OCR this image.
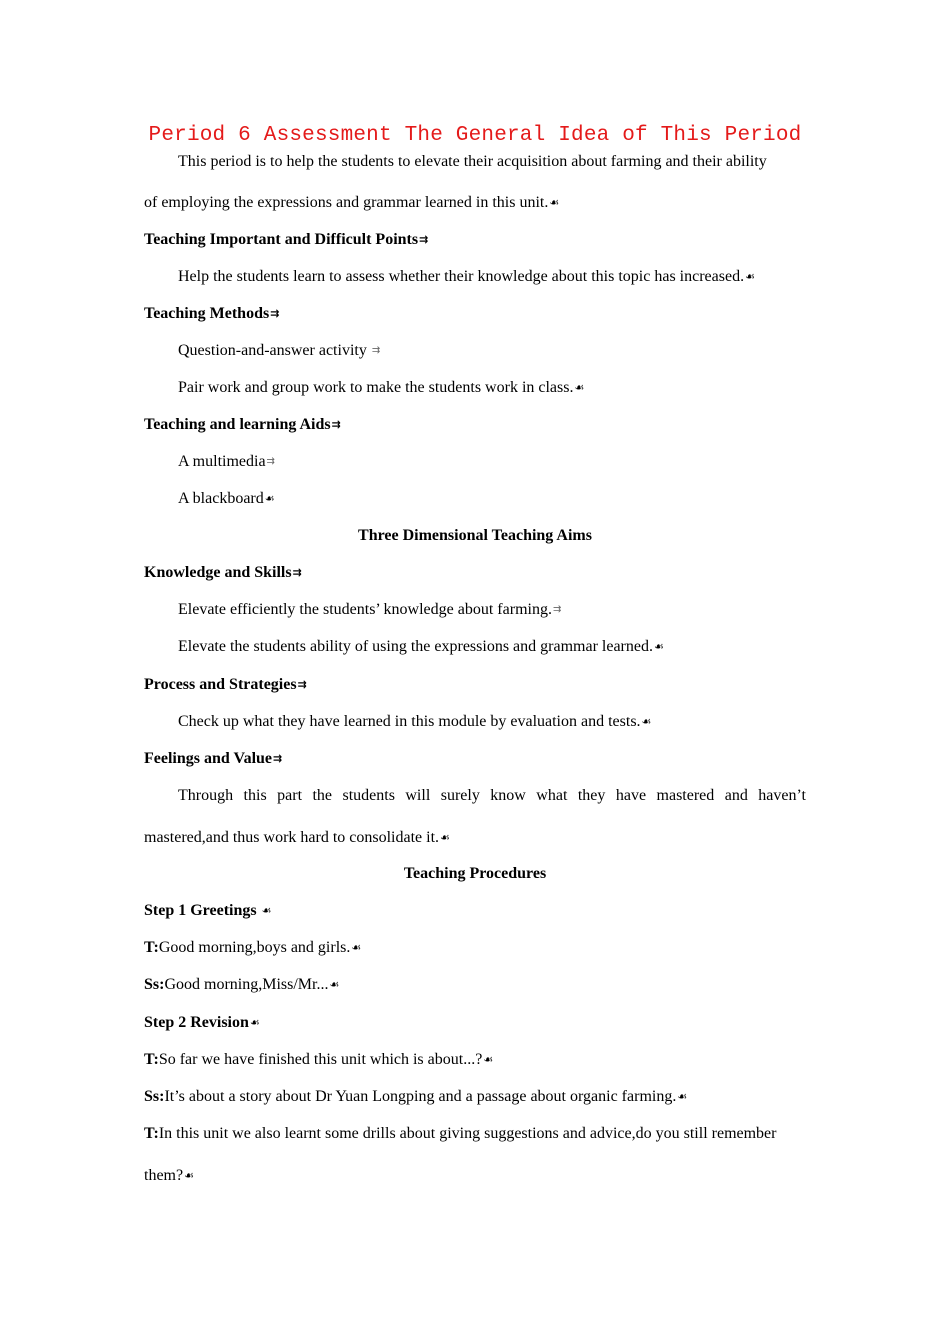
Period 6 Assessment The General Idea of This Period
This period is to help the students to elevate their acquisition about farming and their ability
of employing the expressions and grammar learned in this unit.☙
Teaching Important and Difficult Points⇉
Help the students learn to assess whether their knowledge about this topic has increased.☙
Teaching Methods⇉
Question-and-answer activity ⇉
Pair work and group work to make the students work in class.☙
Teaching and learning Aids⇉
A multimedia⇉
A blackboard☙
Three Dimensional Teaching Aims
Knowledge and Skills⇉
Elevate efficiently the students’ knowledge about farming.⇉
Elevate the students ability of using the expressions and grammar learned.☙
Process and Strategies⇉
Check up what they have learned in this module by evaluation and tests.☙
Feelings and Value⇉
Through this part the students will surely know what they have mastered and haven’t
mastered,and thus work hard to consolidate it.☙
Teaching Procedures
Step 1 Greetings ☙
T:Good morning,boys and girls.☙
Ss:Good morning,Miss/Mr...☙
Step 2 Revision☙
T:So far we have finished this unit which is about...?☙
Ss:It’s about a story about Dr Yuan Longping and a passage about organic farming.☙
T:In this unit we also learnt some drills about giving suggestions and advice,do you still remember
them?☙
